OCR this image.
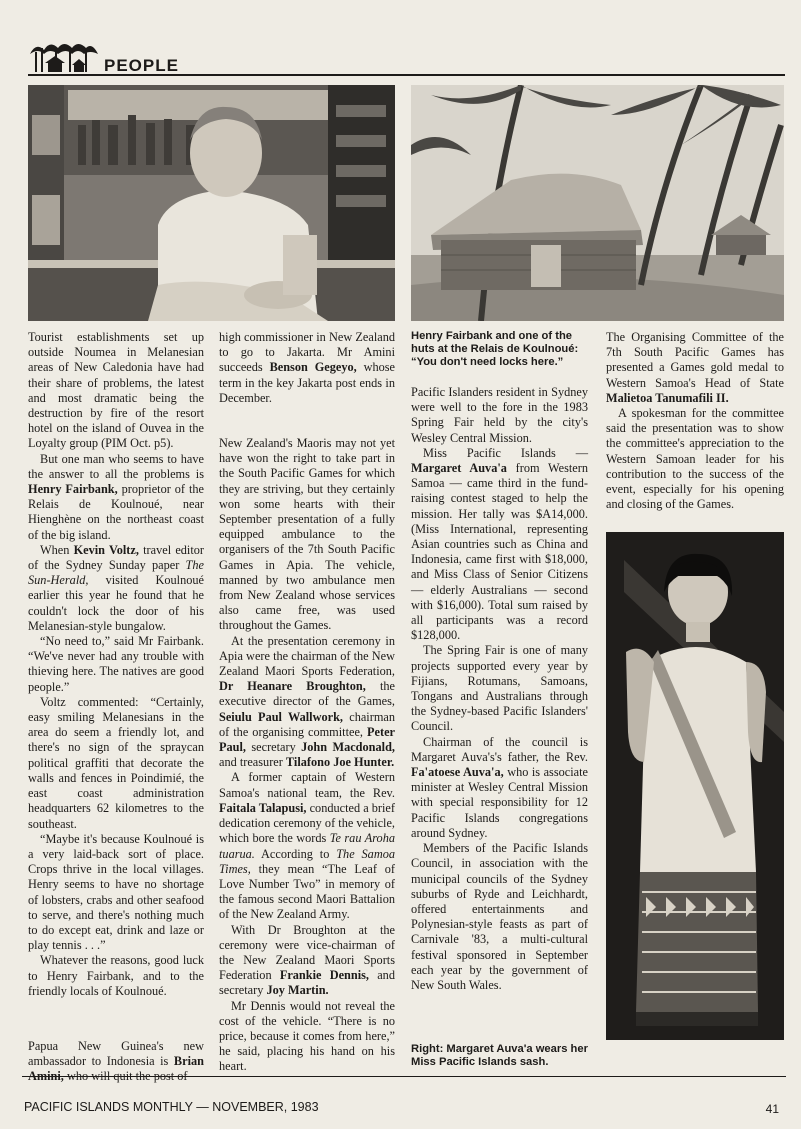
PEOPLE

Tourist establishments set up outside Noumea in Melanesian areas of New Caledonia have had their share of problems, the latest and most dramatic being the destruction by fire of the resort hotel on the island of Ouvea in the Loyalty group (PIM Oct. p5).

But one man who seems to have the answer to all the problems is Henry Fairbank, proprietor of the Relais de Koulnoué, near Hienghène on the northeast coast of the big island.

When Kevin Voltz, travel editor of the Sydney Sunday paper The Sun-Herald, visited Koulnoué earlier this year he found that he couldn't lock the door of his Melanesian-style bungalow.

“No need to,” said Mr Fairbank. “We've never had any trouble with thieving here. The natives are good people.”

Voltz commented: “Certainly, easy smiling Melanesians in the area do seem a friendly lot, and there's no sign of the spraycan political graffiti that decorate the walls and fences in Poindimié, the east coast administration headquarters 62 kilometres to the southeast.

“Maybe it's because Koulnoué is a very laid-back sort of place. Crops thrive in the local villages. Henry seems to have no shortage of lobsters, crabs and other seafood to serve, and there's nothing much to do except eat, drink and laze or play tennis . . .”

Whatever the reasons, good luck to Henry Fairbank, and to the friendly locals of Koulnoué.

Papua New Guinea's new ambassador to Indonesia is Brian Amini, who will quit the post of

high commissioner in New Zealand to go to Jakarta. Mr Amini succeeds Benson Gegeyo, whose term in the key Jakarta post ends in December.

New Zealand's Maoris may not yet have won the right to take part in the South Pacific Games for which they are striving, but they certainly won some hearts with their September presentation of a fully equipped ambulance to the organisers of the 7th South Pacific Games in Apia. The vehicle, manned by two ambulance men from New Zealand whose services also came free, was used throughout the Games.

At the presentation ceremony in Apia were the chairman of the New Zealand Maori Sports Federation, Dr Heanare Broughton, the executive director of the Games, Seiulu Paul Wallwork, chairman of the organising committee, Peter Paul, secretary John Macdonald, and treasurer Tilafono Joe Hunter.

A former captain of Western Samoa's national team, the Rev. Faitala Talapusi, conducted a brief dedication ceremony of the vehicle, which bore the words Te rau Aroha tuarua. According to The Samoa Times, they mean “The Leaf of Love Number Two” in memory of the famous second Maori Battalion of the New Zealand Army.

With Dr Broughton at the ceremony were vice-chairman of the New Zealand Maori Sports Federation Frankie Dennis, and secretary Joy Martin.

Mr Dennis would not reveal the cost of the vehicle. “There is no price, because it comes from here,” he said, placing his hand on his heart.

Henry Fairbank and one of the huts at the Relais de Koulnoué: “You don't need locks here.”

Pacific Islanders resident in Sydney were well to the fore in the 1983 Spring Fair held by the city's Wesley Central Mission.

Miss Pacific Islands — Margaret Auva'a from Western Samoa — came third in the fund-raising contest staged to help the mission. Her tally was $A14,000. (Miss International, representing Asian countries such as China and Indonesia, came first with $18,000, and Miss Class of Senior Citizens — elderly Australians — second with $16,000). Total sum raised by all participants was a record $128,000.

The Spring Fair is one of many projects supported every year by Fijians, Rotumans, Samoans, Tongans and Australians through the Sydney-based Pacific Islanders' Council.

Chairman of the council is Margaret Auva's's father, the Rev. Fa'atoese Auva'a, who is associate minister at Wesley Central Mission with special responsibility for 12 Pacific Islands congregations around Sydney.

Members of the Pacific Islands Council, in association with the municipal councils of the Sydney suburbs of Ryde and Leichhardt, offered entertainments and Polynesian-style feasts as part of Carnivale '83, a multi-cultural festival sponsored in September each year by the government of New South Wales.

Right: Margaret Auva'a wears her Miss Pacific Islands sash.

The Organising Committee of the 7th South Pacific Games has presented a Games gold medal to Western Samoa's Head of State Malietoa Tanumafili II.

A spokesman for the committee said the presentation was to show the committee's appreciation to the Western Samoan leader for his contribution to the success of the event, especially for his opening and closing of the Games.

PACIFIC ISLANDS MONTHLY — NOVEMBER, 1983	41
